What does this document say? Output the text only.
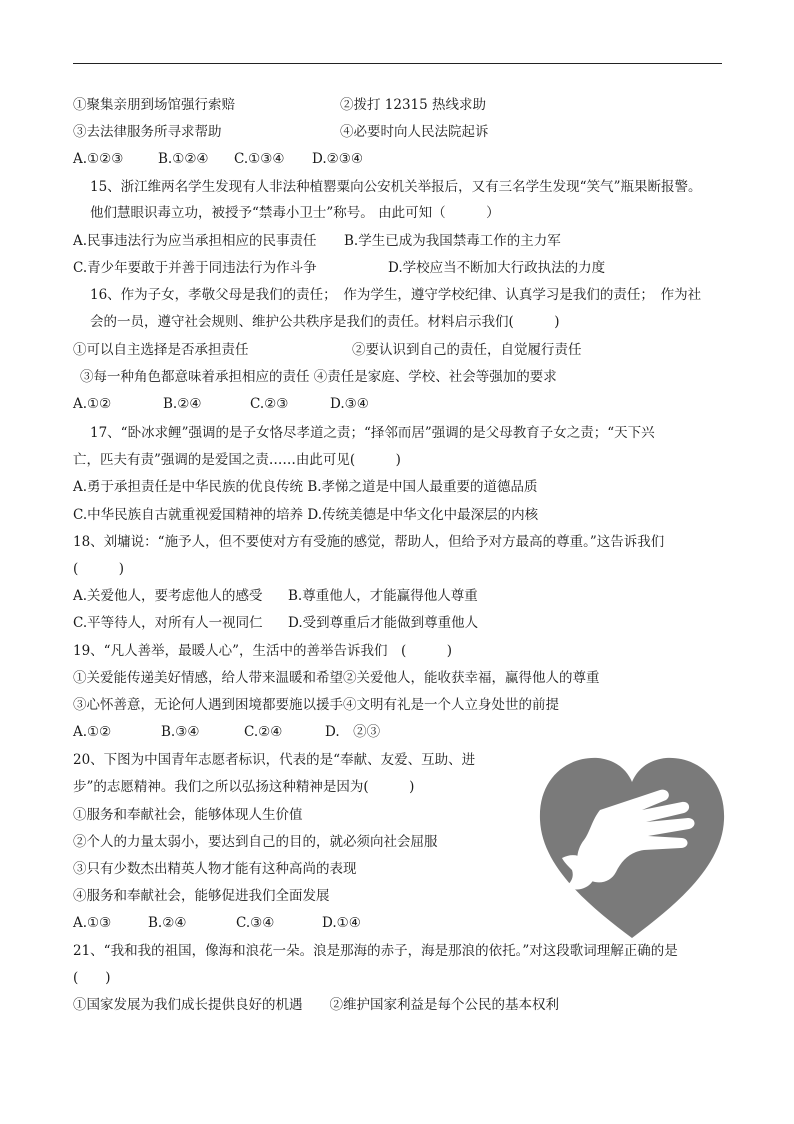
①聚集亲朋到场馆强行索赔	②拨打 12315 热线求助
③去法律服务所寻求帮助	④必要时向人民法院起诉
A.①②③	B.①②④ C.①③④ D.②③④
15、浙江维两名学生发现有人非法种植罂粟向公安机关举报后，又有三名学生发现“笑气”瓶果断报警。
他们慧眼识毒立功，被授予“禁毒小卫士”称号。 由此可知（　　　）
A.民事违法行为应当承担相应的民事责任 B.学生已成为我国禁毒工作的主力军
C.青少年要敢于并善于同违法行为作斗争	D.学校应当不断加大行政执法的力度
16、作为子女，孝敬父母是我们的责任；　作为学生，遵守学校纪律、认真学习是我们的责任；　作为社
会的一员，遵守社会规则、维护公共秩序是我们的责任。材料启示我们(　　　)
①可以自主选择是否承担责任	②要认识到自己的责任，自觉履行责任
③每一种角色都意味着承担相应的责任 ④责任是家庭、学校、社会等强加的要求
A.①②	B.②④	C.②③	D.③④
17、“卧冰求鲤”强调的是子女恪尽孝道之责；“择邻而居”强调的是父母教育子女之责；“天下兴
亡，匹夫有责”强调的是爱国之责……由此可见(　　　)
A.勇于承担责任是中华民族的优良传统 B.孝悌之道是中国人最重要的道德品质
C.中华民族自古就重视爱国精神的培养 D.传统美德是中华文化中最深层的内核
18、刘墉说：“施予人，但不要使对方有受施的感觉，帮助人，但给予对方最高的尊重。”这告诉我们
(　　　)
A.关爱他人，要考虑他人的感受 B.尊重他人，才能赢得他人尊重
C.平等待人，对所有人一视同仁 D.受到尊重后才能做到尊重他人
19、“凡人善举，最暖人心”，生活中的善举告诉我们　(　　　)
①关爱能传递美好情感，给人带来温暖和希望②关爱他人，能收获幸福，赢得他人的尊重
③心怀善意，无论何人遇到困境都要施以援手④文明有礼是一个人立身处世的前提
A.①②	B.③④	C.②④	D.　②③
20、下图为中国青年志愿者标识，代表的是“奉献、友爱、互助、进
步”的志愿精神。我们之所以弘扬这种精神是因为(　　　)
①服务和奉献社会，能够体现人生价值
②个人的力量太弱小，要达到自己的目的，就必须向社会屈服
③只有少数杰出精英人物才能有这种高尚的表现
④服务和奉献社会，能够促进我们全面发展
A.①③	B.②④	C.③④	D.①④
21、“我和我的祖国，像海和浪花一朵。浪是那海的赤子，海是那浪的依托。”对这段歌词理解正确的是
(　　)
①国家发展为我们成长提供良好的机遇　　②维护国家利益是每个公民的基本权利
